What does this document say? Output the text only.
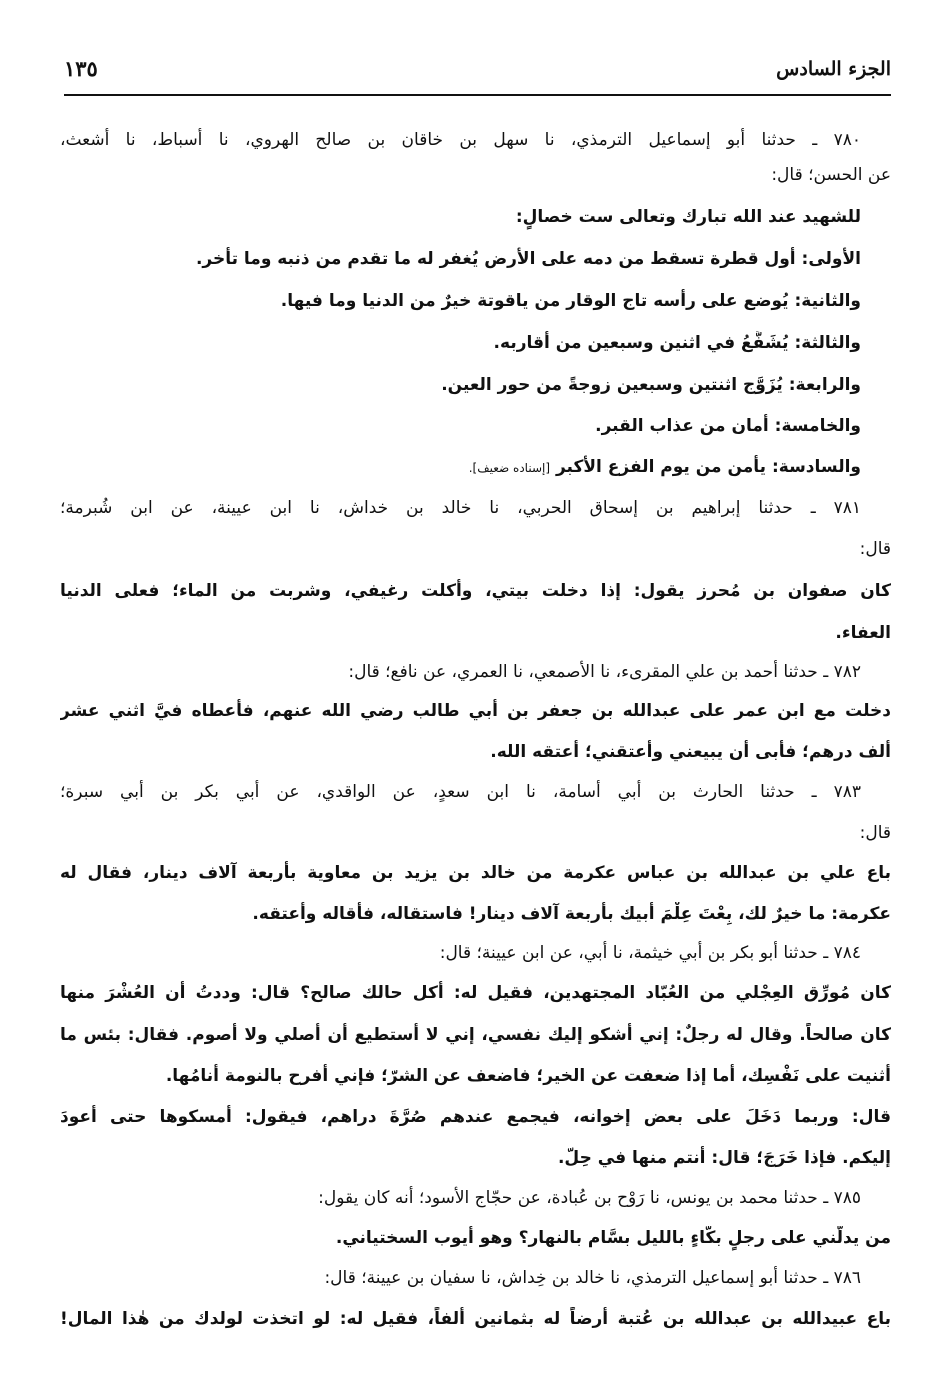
الجزء السادس
١٣٥
٧٨٠ ـ حدثنا أبو إسماعيل الترمذي، نا سهل بن خاقان بن صالح الهروي، نا أسباط، نا أشعث،
عن الحسن؛ قال:
للشهيد عند الله تبارك وتعالى ست خصالٍ:
الأولى: أول قطرة تسقط من دمه على الأرض يُغفر له ما تقدم من ذنبه وما تأخر.
والثانية: يُوضع على رأسه تاج الوقار من ياقوتة خيرٌ من الدنيا وما فيها.
والثالثة: يُشَفَّعُ في اثنين وسبعين من أقاربه.
والرابعة: يُزَوَّج اثنتين وسبعين زوجةً من حور العين.
والخامسة: أمان من عذاب القبر.
والسادسة: يأمن من يوم الفزع الأكبر [إسناده ضعيف].
٧٨١ ـ حدثنا إبراهيم بن إسحاق الحربي، نا خالد بن خداش، نا ابن عيينة، عن ابن شُبرمة؛
قال:
كان صفوان بن مُحرز يقول: إذا دخلت بيتي، وأكلت رغيفي، وشربت من الماء؛ فعلى الدنيا
العفاء.
٧٨٢ ـ حدثنا أحمد بن علي المقرىء، نا الأصمعي، نا العمري، عن نافع؛ قال:
دخلت مع ابن عمر على عبدالله بن جعفر بن أبي طالب رضي الله عنهم، فأعطاه فيَّ اثني عشر
ألف درهم؛ فأبى أن يبيعني وأعتقني؛ أعتقه الله.
٧٨٣ ـ حدثنا الحارث بن أبي أسامة، نا ابن سعدٍ، عن الواقدي، عن أبي بكر بن أبي سبرة؛
قال:
باع علي بن عبدالله بن عباس عكرمة من خالد بن يزيد بن معاوية بأربعة آلاف دينار، فقال له
عكرمة: ما خيرٌ لك، بِعْتَ عِلْمَ أبيك بأربعة آلاف دينار! فاستقاله، فأقاله وأعتقه.
٧٨٤ ـ حدثنا أبو بكر بن أبي خيثمة، نا أبي، عن ابن عيينة؛ قال:
كان مُورِّق العِجْلي من العُبّاد المجتهدين، فقيل له: أكل حالك صالح؟ قال: وددتُ أن العُشْرَ منها
كان صالحاً. وقال له رجلٌ: إني أشكو إليك نفسي، إني لا أستطيع أن أصلي ولا أصوم. فقال: بئس ما
أثنيت على نَفْسِك، أما إذا ضعفت عن الخير؛ فاضعف عن الشرّ؛ فإني أفرح بالنومة أنامُها.
قال: وربما دَخَلَ على بعض إخوانه، فيجمع عندهم صُرَّةَ دراهم، فيقول: أمسكوها حتى أعودَ
إليكم. فإذا خَرَجَ؛ قال: أنتم منها في حِلّ.
٧٨٥ ـ حدثنا محمد بن يونس، نا رَوْح بن عُبادة، عن حجّاج الأسود؛ أنه كان يقول:
من يدلُّني على رجلٍ بكَّاءٍ بالليل بسَّام بالنهار؟ وهو أيوب السختياني.
٧٨٦ ـ حدثنا أبو إسماعيل الترمذي، نا خالد بن خِداش، نا سفيان بن عيينة؛ قال:
باع عبيدالله بن عبدالله بن عُتبة أرضاً له بثمانين ألفاً، فقيل له: لو اتخذت لولدك من هٰذا المال!
